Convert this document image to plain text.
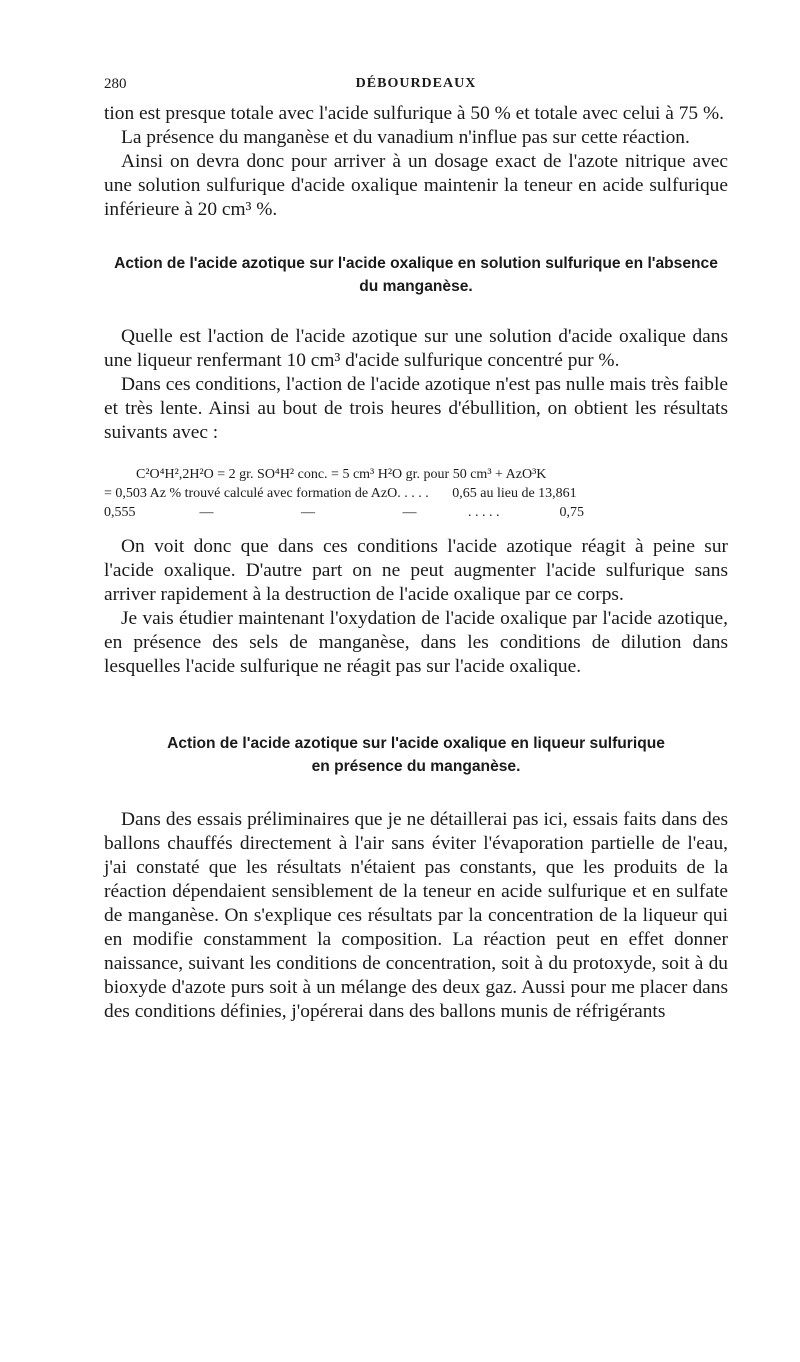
280	DÉBOURDEAUX

tion est presque totale avec l'acide sulfurique à 50 % et totale avec celui à 75 %.

La présence du manganèse et du vanadium n'influe pas sur cette réaction.

Ainsi on devra donc pour arriver à un dosage exact de l'azote nitrique avec une solution sulfurique d'acide oxalique maintenir la teneur en acide sulfurique inférieure à 20 cm³ %.

Action de l'acide azotique sur l'acide oxalique en solution sulfurique en l'absence du manganèse.

Quelle est l'action de l'acide azotique sur une solution d'acide oxalique dans une liqueur renfermant 10 cm³ d'acide sulfurique concentré pur %.

Dans ces conditions, l'action de l'acide azotique n'est pas nulle mais très faible et très lente. Ainsi au bout de trois heures d'ébullition, on obtient les résultats suivants avec :

C²O⁴H²,2H²O = 2 gr. SO⁴H² conc. = 5 cm³ H²O gr. pour 50 cm³ + AzO³K
= 0,503 Az % trouvé calculé avec formation de AzO. . . . . 0,65 au lieu de 13,861
0,555	—	—	—	. . . . .	0,75

On voit donc que dans ces conditions l'acide azotique réagit à peine sur l'acide oxalique. D'autre part on ne peut augmenter l'acide sulfurique sans arriver rapidement à la destruction de l'acide oxalique par ce corps.

Je vais étudier maintenant l'oxydation de l'acide oxalique par l'acide azotique, en présence des sels de manganèse, dans les conditions de dilution dans lesquelles l'acide sulfurique ne réagit pas sur l'acide oxalique.

Action de l'acide azotique sur l'acide oxalique en liqueur sulfurique
en présence du manganèse.

Dans des essais préliminaires que je ne détaillerai pas ici, essais faits dans des ballons chauffés directement à l'air sans éviter l'évaporation partielle de l'eau, j'ai constaté que les résultats n'étaient pas constants, que les produits de la réaction dépendaient sensiblement de la teneur en acide sulfurique et en sulfate de manganèse. On s'explique ces résultats par la concentration de la liqueur qui en modifie constamment la composition. La réaction peut en effet donner naissance, suivant les conditions de concentration, soit à du protoxyde, soit à du bioxyde d'azote purs soit à un mélange des deux gaz. Aussi pour me placer dans des conditions définies, j'opérerai dans des ballons munis de réfrigérants
